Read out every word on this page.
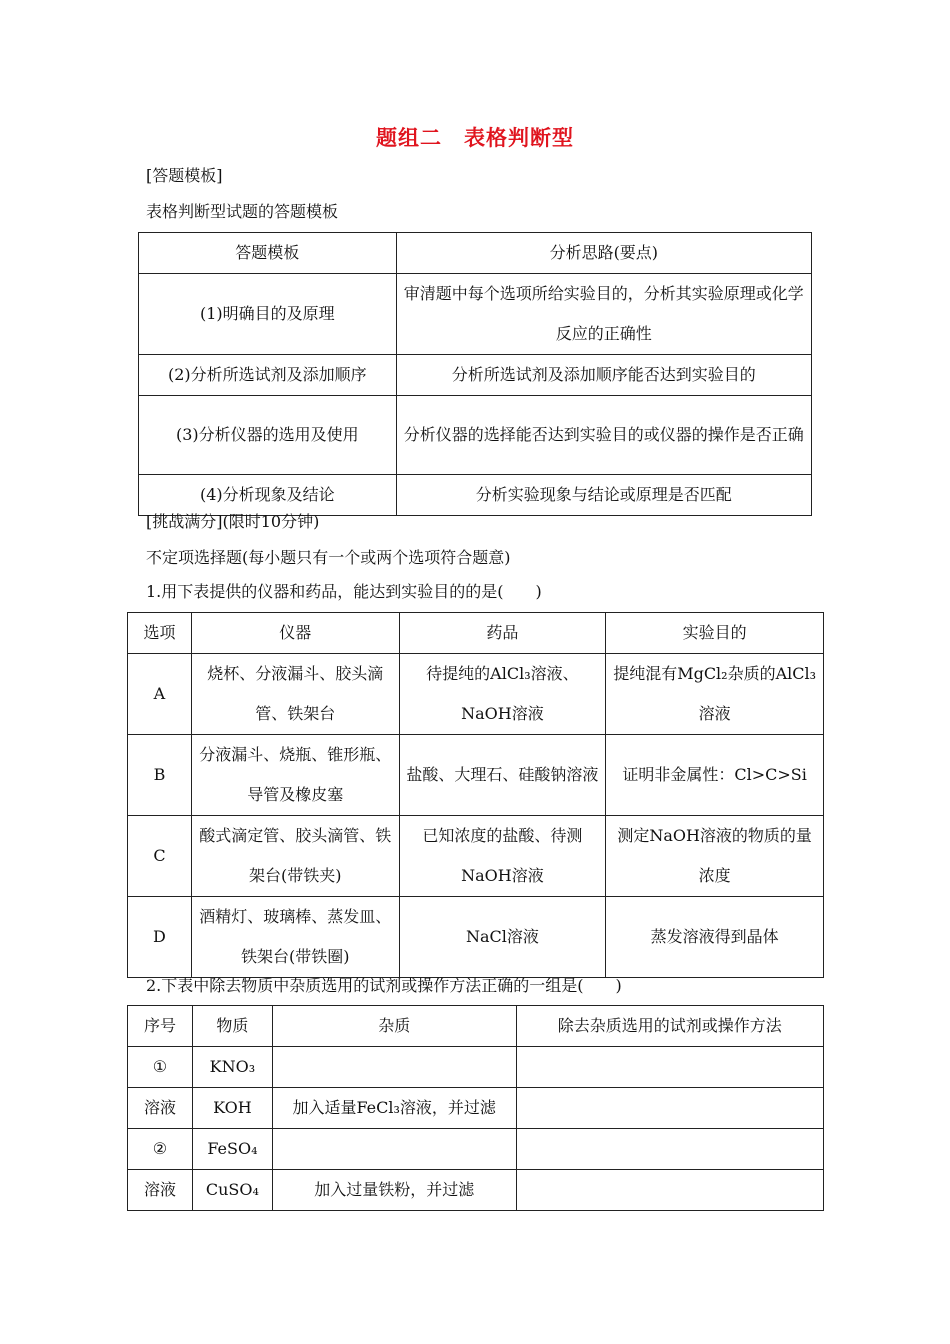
题组二　表格判断型
[答题模板]
表格判断型试题的答题模板
答题模板	分析思路(要点)
(1)明确目的及原理	审清题中每个选项所给实验目的，分析其实验原理或化学反应的正确性
(2)分析所选试剂及添加顺序	分析所选试剂及添加顺序能否达到实验目的
(3)分析仪器的选用及使用	分析仪器的选择能否达到实验目的或仪器的操作是否正确
(4)分析现象及结论	分析实验现象与结论或原理是否匹配
[挑战满分](限时10分钟)
不定项选择题(每小题只有一个或两个选项符合题意)
1.用下表提供的仪器和药品，能达到实验目的的是(　　)
选项	仪器	药品	实验目的
A	烧杯、分液漏斗、胶头滴管、铁架台	待提纯的AlCl₃溶液、NaOH溶液	提纯混有MgCl₂杂质的AlCl₃溶液
B	分液漏斗、烧瓶、锥形瓶、导管及橡皮塞	盐酸、大理石、硅酸钠溶液	证明非金属性：Cl>C>Si
C	酸式滴定管、胶头滴管、铁架台(带铁夹)	已知浓度的盐酸、待测NaOH溶液	测定NaOH溶液的物质的量浓度
D	酒精灯、玻璃棒、蒸发皿、铁架台(带铁圈)	NaCl溶液	蒸发溶液得到晶体
2.下表中除去物质中杂质选用的试剂或操作方法正确的一组是(　　)
序号	物质	杂质	除去杂质选用的试剂或操作方法
①	KNO₃		
溶液	KOH	加入适量FeCl₃溶液，并过滤	
②	FeSO₄		
溶液	CuSO₄	加入过量铁粉，并过滤	
